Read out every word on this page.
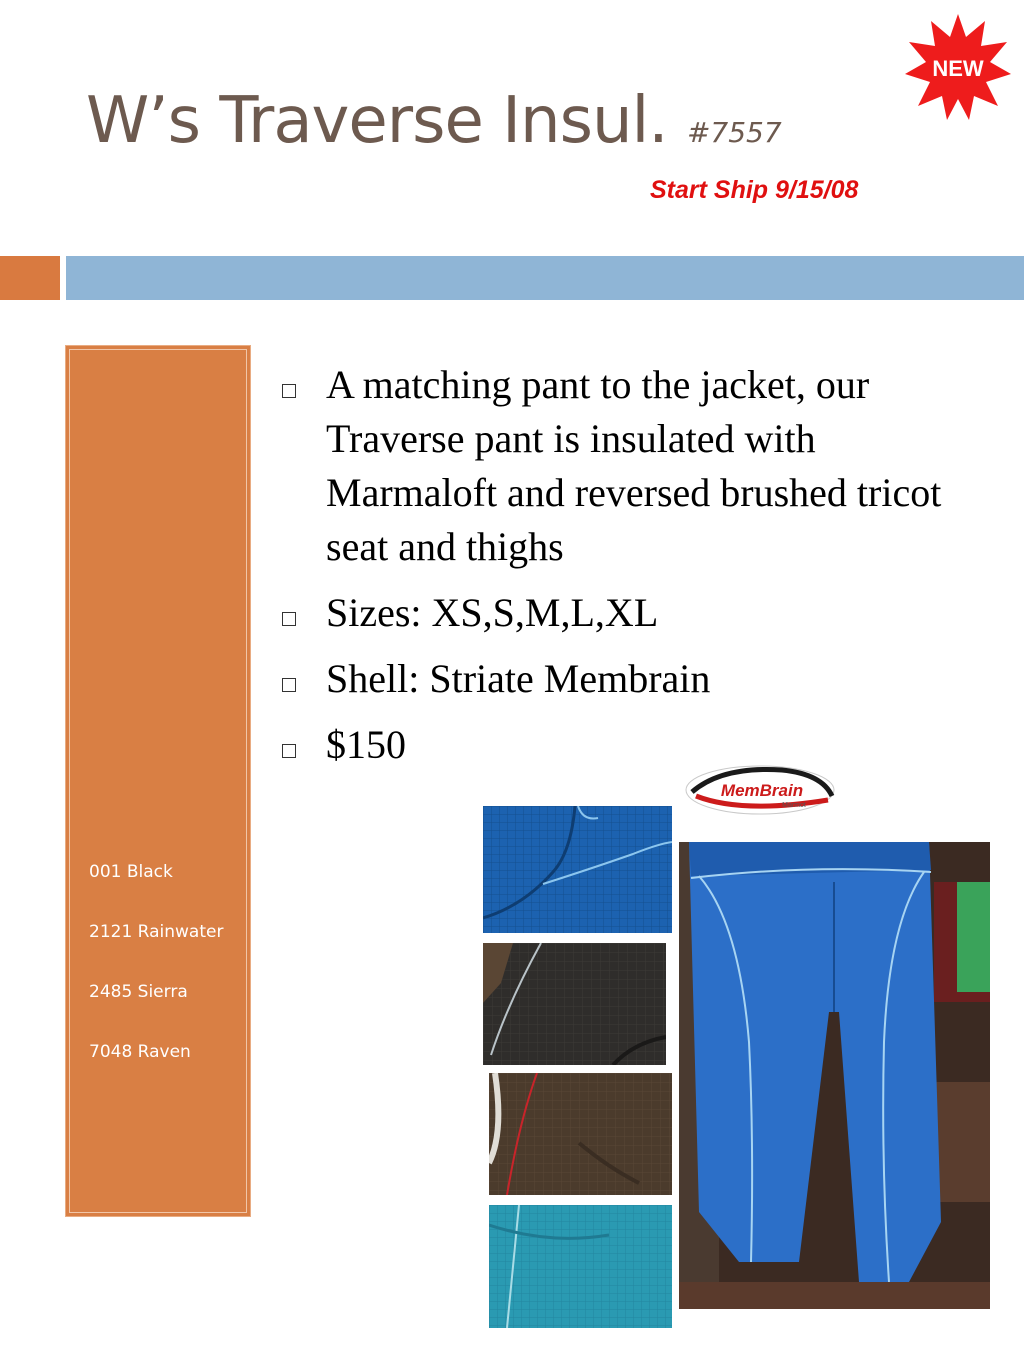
W’s Traverse Insul. #7557
Start Ship 9/15/08
NEW
001 Black
2121 Rainwater
2485 Sierra
7048 Raven
A matching pant to the jacket, our Traverse pant is insulated with Marmaloft and reversed brushed tricot seat and thighs
Sizes: XS,S,M,L,XL
Shell: Striate Membrain
$150
MemBrain
Marmot
